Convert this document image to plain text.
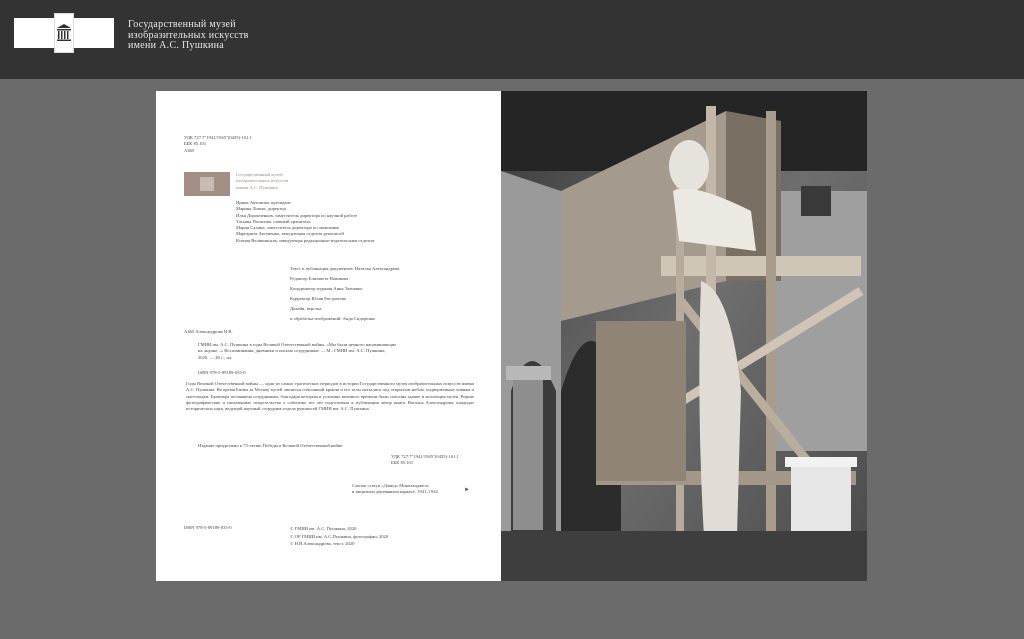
Государственный музей
изобразительных искусств
имени А.С. Пушкина
УДК 727.7"1941/1945"(0435)-161.1
ББК 85.101
А465
Государственный музей
изобразительных искусств
имени А.С. Пушкина
Ирина Антонова, президент
Марина Лошак, директор
Илья Доронченков, заместитель директора по научной работе
Татьяна Потапова, главный хранитель
Мария Салина, заместитель директора по экономике
Маргарита Аксененко, заведующая отделом рукописей
Ксения Великинская, заведующая редакционно-издательским отделом
Текст и публикация документов: Наталья Александрова
Редактор Елизавета Новикова
Координатор издания Анна Ткаченко
Корректор Юлия Евстратова
Дизайн, верстка
и обработка изображений: Анда Сидоренко
А465 Александрова Н.В.
ГМИИ им. А.С. Пушкина в годы Великой Отечественной войны. «Мы были немного напоминающие
на льдине...» Воспоминания, дневники и письма сотрудников. — М.: ГМИИ им. А.С. Пушкина,
2020. — 48 с., ил.
ISBN 978-5-89189-035-0
Годы Великой Отечественной войны — одни из самых трагических периодов в истории Государственного музея изобразительных искусств имени А.С. Пушкина. Во время Битвы за Москву музей лишился стеклянной крыши и его залы оказались под открытым небом, подверженные ливням и снегопадам. Брошюра посвящена сотрудникам, благодаря которым в условиях военного времени были спасены здание и коллекция музея. Редкие фотографические и письменные свидетельства о событиях тех лет подготовила к публикации автор книги Наталья Александрова, кандидат исторических наук, ведущий научный сотрудник отдела рукописей ГМИИ им. А.С. Пушкина.
Издание приурочено к 75-летию Победы в Великой Отечественной войне.
УДК 727.7"1941/1945"(0435)-161.1
ББК 85.101
Слепок статуи «Давид» Микеланджело
в защитном деревянном каркасе. 1941–1944	►
ISBN 978-5-89189-035-0	© ГМИИ им. А.С. Пушкина, 2020
© ОР ГМИИ им. А.С.Пушкина, фотографии, 2020
© Н.В.Александрова, текст, 2020
